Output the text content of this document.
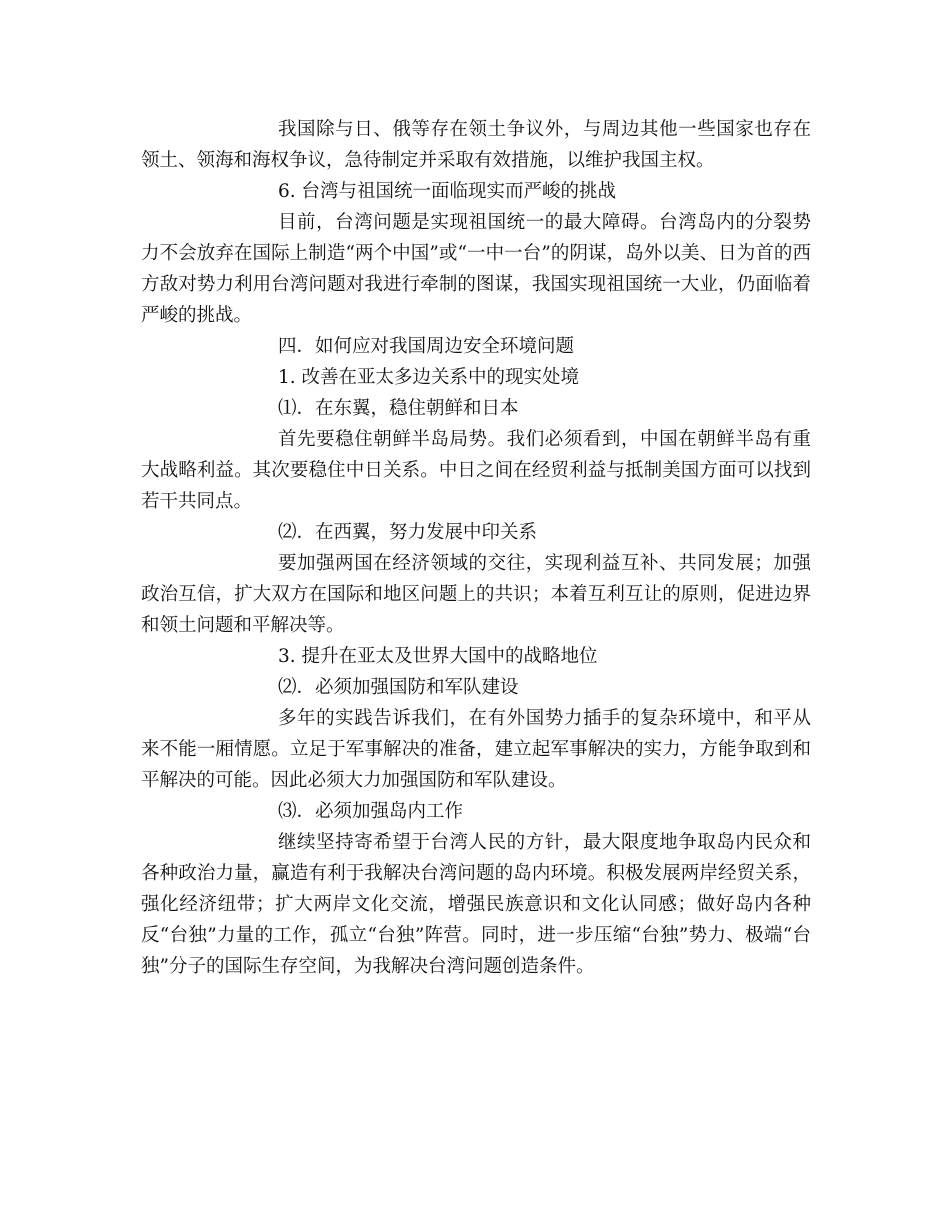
我国除与日、俄等存在领土争议外，与周边其他一些国家也存在领土、领海和海权争议，急待制定并采取有效措施，以维护我国主权。

6. 台湾与祖国统一面临现实而严峻的挑战

目前，台湾问题是实现祖国统一的最大障碍。台湾岛内的分裂势力不会放弃在国际上制造“两个中国”或“一中一台”的阴谋，岛外以美、日为首的西方敌对势力利用台湾问题对我进行牵制的图谋，我国实现祖国统一大业，仍面临着严峻的挑战。

四．如何应对我国周边安全环境问题

1. 改善在亚太多边关系中的现实处境

⑴．在东翼，稳住朝鲜和日本

首先要稳住朝鲜半岛局势。我们必须看到，中国在朝鲜半岛有重大战略利益。其次要稳住中日关系。中日之间在经贸利益与抵制美国方面可以找到若干共同点。

⑵．在西翼，努力发展中印关系

要加强两国在经济领域的交往，实现利益互补、共同发展；加强政治互信，扩大双方在国际和地区问题上的共识；本着互利互让的原则，促进边界和领土问题和平解决等。

3. 提升在亚太及世界大国中的战略地位

⑵．必须加强国防和军队建设

多年的实践告诉我们，在有外国势力插手的复杂环境中，和平从来不能一厢情愿。立足于军事解决的准备，建立起军事解决的实力，方能争取到和平解决的可能。因此必须大力加强国防和军队建设。

⑶．必须加强岛内工作

继续坚持寄希望于台湾人民的方针，最大限度地争取岛内民众和各种政治力量，赢造有利于我解决台湾问题的岛内环境。积极发展两岸经贸关系，强化经济纽带；扩大两岸文化交流，增强民族意识和文化认同感；做好岛内各种反“台独”力量的工作，孤立“台独”阵营。同时，进一步压缩“台独”势力、极端“台独”分子的国际生存空间，为我解决台湾问题创造条件。
